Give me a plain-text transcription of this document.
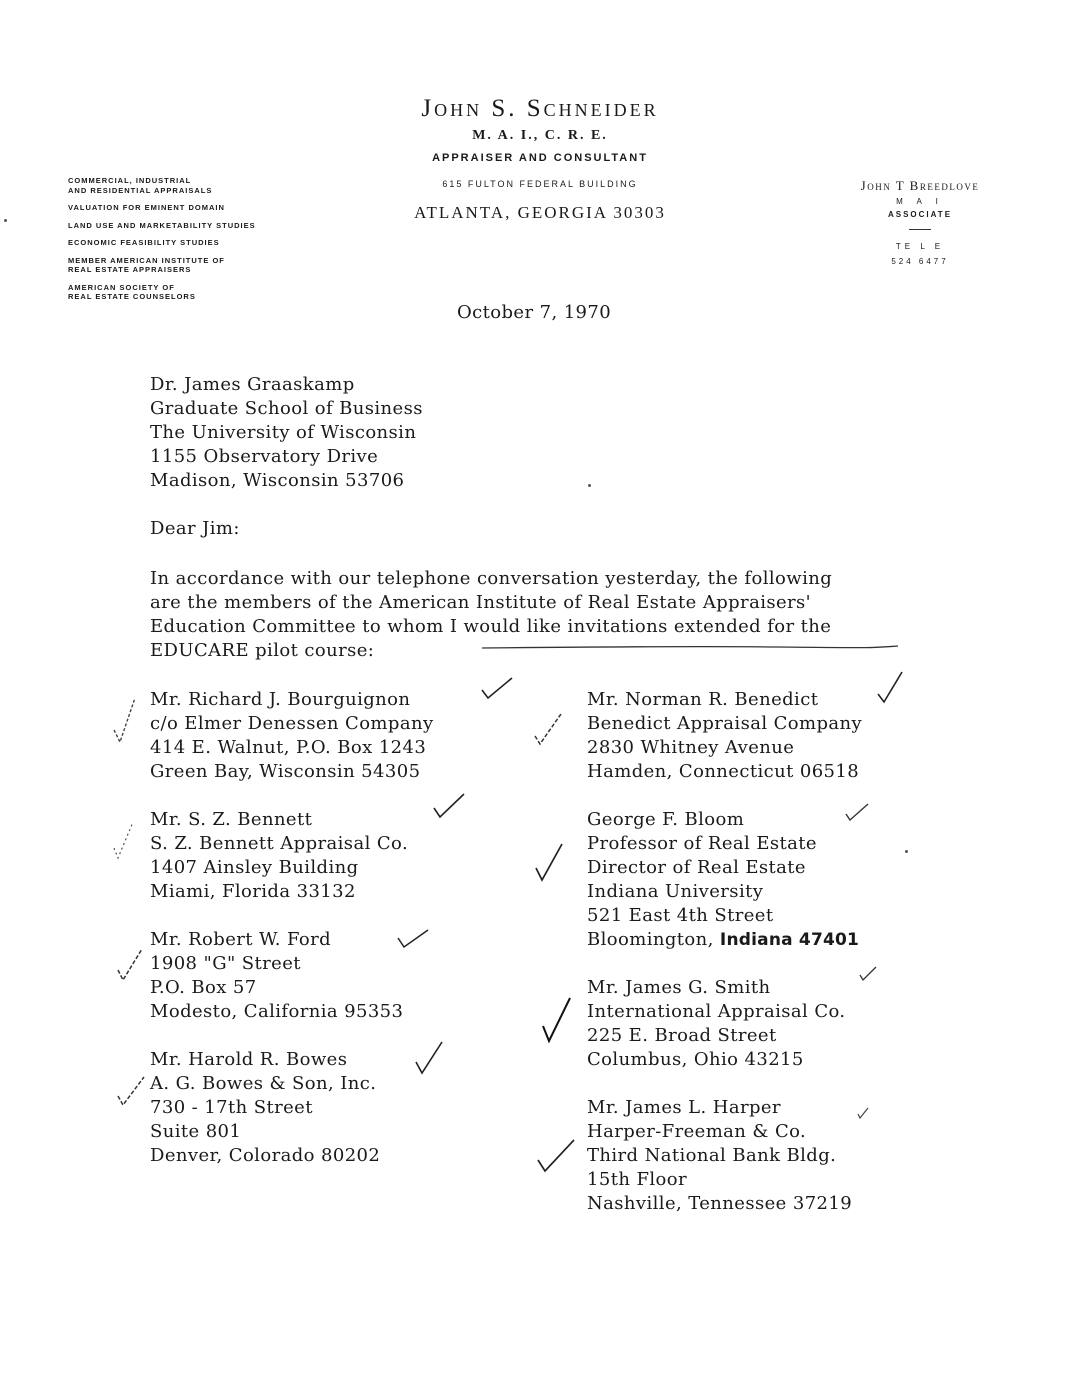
John S. Schneider
M. A. I., C. R. E.
APPRAISER AND CONSULTANT
615 FULTON FEDERAL BUILDING
ATLANTA, GEORGIA 30303
COMMERCIAL, INDUSTRIAL
AND RESIDENTIAL APPRAISALS
VALUATION FOR EMINENT DOMAIN
LAND USE AND MARKETABILITY STUDIES
ECONOMIC FEASIBILITY STUDIES
MEMBER AMERICAN INSTITUTE OF
REAL ESTATE APPRAISERS
AMERICAN SOCIETY OF
REAL ESTATE COUNSELORS
John T Breedlove
M A I
ASSOCIATE
TE L E
524 6477
October 7, 1970
Dr. James Graaskamp
Graduate School of Business
The University of Wisconsin
1155 Observatory Drive
Madison, Wisconsin 53706
Dear Jim:
In accordance with our telephone conversation yesterday, the following
are the members of the American Institute of Real Estate Appraisers'
Education Committee to whom I would like invitations extended for the
EDUCARE pilot course:
Mr. Richard J. Bourguignon
c/o Elmer Denessen Company
414 E. Walnut, P.O. Box 1243
Green Bay, Wisconsin 54305
Mr. S. Z. Bennett
S. Z. Bennett Appraisal Co.
1407 Ainsley Building
Miami, Florida 33132
Mr. Robert W. Ford
1908 "G" Street
P.O. Box 57
Modesto, California 95353
Mr. Harold R. Bowes
A. G. Bowes & Son, Inc.
730 - 17th Street
Suite 801
Denver, Colorado 80202
Mr. Norman R. Benedict
Benedict Appraisal Company
2830 Whitney Avenue
Hamden, Connecticut 06518
George F. Bloom
Professor of Real Estate
Director of Real Estate
Indiana University
521 East 4th Street
Bloomington, Indiana 47401
Mr. James G. Smith
International Appraisal Co.
225 E. Broad Street
Columbus, Ohio 43215
Mr. James L. Harper
Harper-Freeman & Co.
Third National Bank Bldg.
15th Floor
Nashville, Tennessee 37219
